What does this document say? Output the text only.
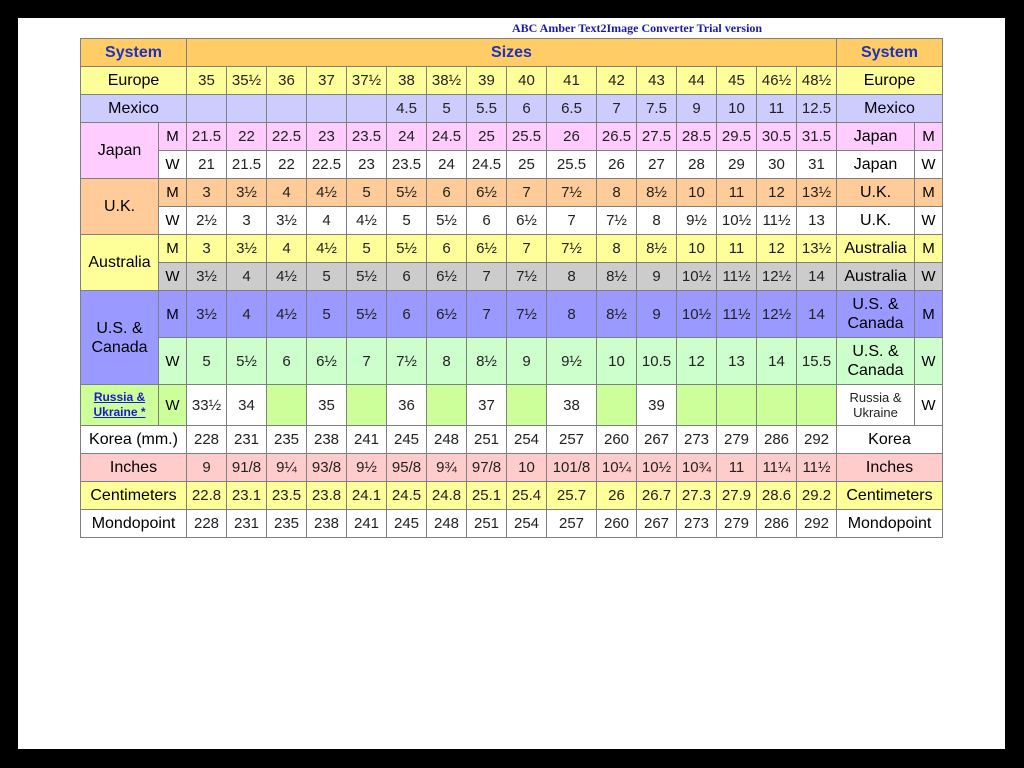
ABC Amber Text2Image Converter Trial version
System		Sizes																System	
Europe		35	35½	36	37	37½	38	38½	39	40	41	42	43	44	45	46½	48½	Europe	
Mexico							4.5	5	5.5	6	6.5	7	7.5	9	10	11	12.5	Mexico	
Japan	M	21.5	22	22.5	23	23.5	24	24.5	25	25.5	26	26.5	27.5	28.5	29.5	30.5	31.5	Japan	M
	W	21	21.5	22	22.5	23	23.5	24	24.5	25	25.5	26	27	28	29	30	31	Japan	W
U.K.	M	3	3½	4	4½	5	5½	6	6½	7	7½	8	8½	10	11	12	13½	U.K.	M
	W	2½	3	3½	4	4½	5	5½	6	6½	7	7½	8	9½	10½	11½	13	U.K.	W
Australia	M	3	3½	4	4½	5	5½	6	6½	7	7½	8	8½	10	11	12	13½	Australia	M
	W	3½	4	4½	5	5½	6	6½	7	7½	8	8½	9	10½	11½	12½	14	Australia	W
U.S. & Canada	M	3½	4	4½	5	5½	6	6½	7	7½	8	8½	9	10½	11½	12½	14	U.S. & Canada	M
	W	5	5½	6	6½	7	7½	8	8½	9	9½	10	10.5	12	13	14	15.5	U.S. & Canada	W
Russia & Ukraine *	W	33½	34		35		36		37		38		39					Russia & Ukraine	W
Korea (mm.)		228	231	235	238	241	245	248	251	254	257	260	267	273	279	286	292	Korea	
Inches		9	91/8	9¼	93/8	9½	95/8	9¾	97/8	10	101/8	10¼	10½	10¾	11	11¼	11½	Inches	
Centimeters		22.8	23.1	23.5	23.8	24.1	24.5	24.8	25.1	25.4	25.7	26	26.7	27.3	27.9	28.6	29.2	Centimeters	
Mondopoint		228	231	235	238	241	245	248	251	254	257	260	267	273	279	286	292	Mondopoint	
